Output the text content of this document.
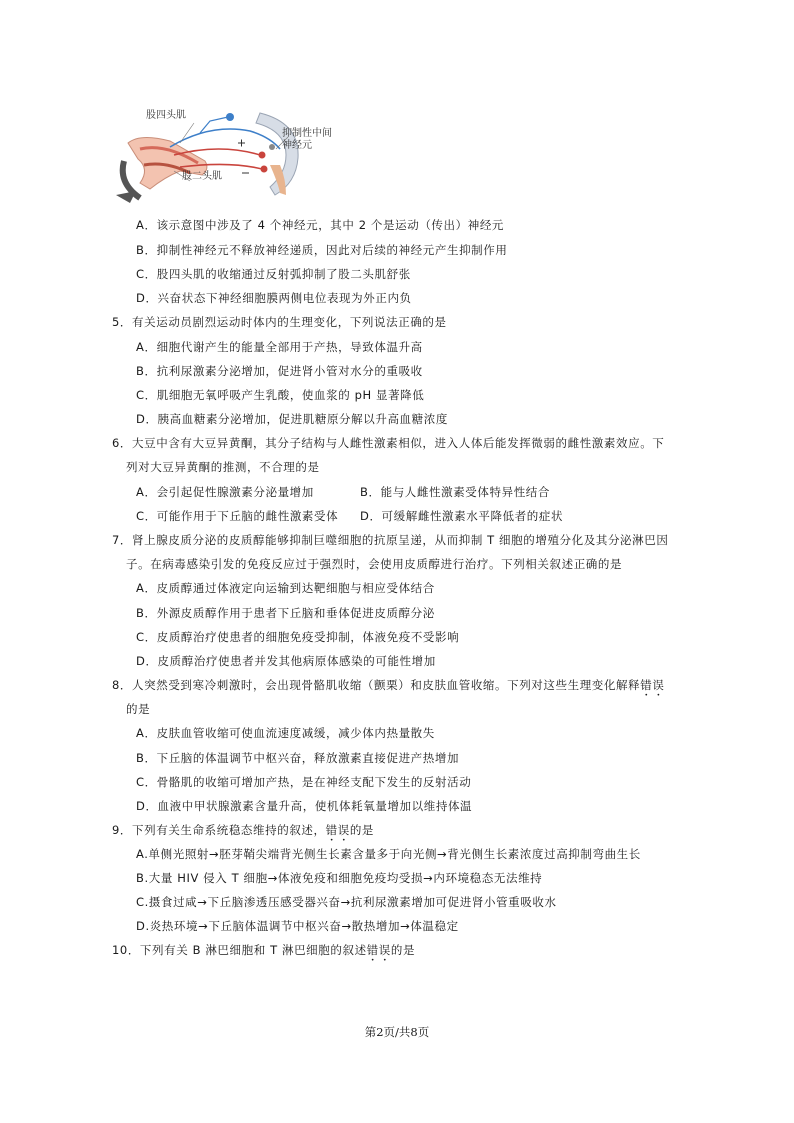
股四头肌
抑制性中间
神经元
股二头肌
A．该示意图中涉及了 4 个神经元，其中 2 个是运动（传出）神经元
B．抑制性神经元不释放神经递质，因此对后续的神经元产生抑制作用
C．股四头肌的收缩通过反射弧抑制了股二头肌舒张
D．兴奋状态下神经细胞膜两侧电位表现为外正内负
5．有关运动员剧烈运动时体内的生理变化，下列说法正确的是
A．细胞代谢产生的能量全部用于产热，导致体温升高
B．抗利尿激素分泌增加，促进肾小管对水分的重吸收
C．肌细胞无氧呼吸产生乳酸，使血浆的 pH 显著降低
D．胰高血糖素分泌增加，促进肌糖原分解以升高血糖浓度
6．大豆中含有大豆异黄酮，其分子结构与人雌性激素相似，进入人体后能发挥微弱的雌性激素效应。下
列对大豆异黄酮的推测，不合理的是
A．会引起促性腺激素分泌量增加	B．能与人雌性激素受体特异性结合
C．可能作用于下丘脑的雌性激素受体 D．可缓解雌性激素水平降低者的症状
7．肾上腺皮质分泌的皮质醇能够抑制巨噬细胞的抗原呈递，从而抑制 T 细胞的增殖分化及其分泌淋巴因
子。在病毒感染引发的免疫反应过于强烈时，会使用皮质醇进行治疗。下列相关叙述正确的是
A．皮质醇通过体液定向运输到达靶细胞与相应受体结合
B．外源皮质醇作用于患者下丘脑和垂体促进皮质醇分泌
C．皮质醇治疗使患者的细胞免疫受抑制，体液免疫不受影响
D．皮质醇治疗使患者并发其他病原体感染的可能性增加
8．人突然受到寒冷刺激时，会出现骨骼肌收缩（颤栗）和皮肤血管收缩。下列对这些生理变化解释错误
的是
A．皮肤血管收缩可使血流速度减缓，减少体内热量散失
B．下丘脑的体温调节中枢兴奋，释放激素直接促进产热增加
C．骨骼肌的收缩可增加产热，是在神经支配下发生的反射活动
D．血液中甲状腺激素含量升高，使机体耗氧量增加以维持体温
9．下列有关生命系统稳态维持的叙述，错误的是
A.单侧光照射→胚芽鞘尖端背光侧生长素含量多于向光侧→背光侧生长素浓度过高抑制弯曲生长
B.大量 HIV 侵入 T 细胞→体液免疫和细胞免疫均受损→内环境稳态无法维持
C.摄食过咸→下丘脑渗透压感受器兴奋→抗利尿激素增加可促进肾小管重吸收水
D.炎热环境→下丘脑体温调节中枢兴奋→散热增加→体温稳定
10．下列有关 B 淋巴细胞和 T 淋巴细胞的叙述错误的是
第2页/共8页
